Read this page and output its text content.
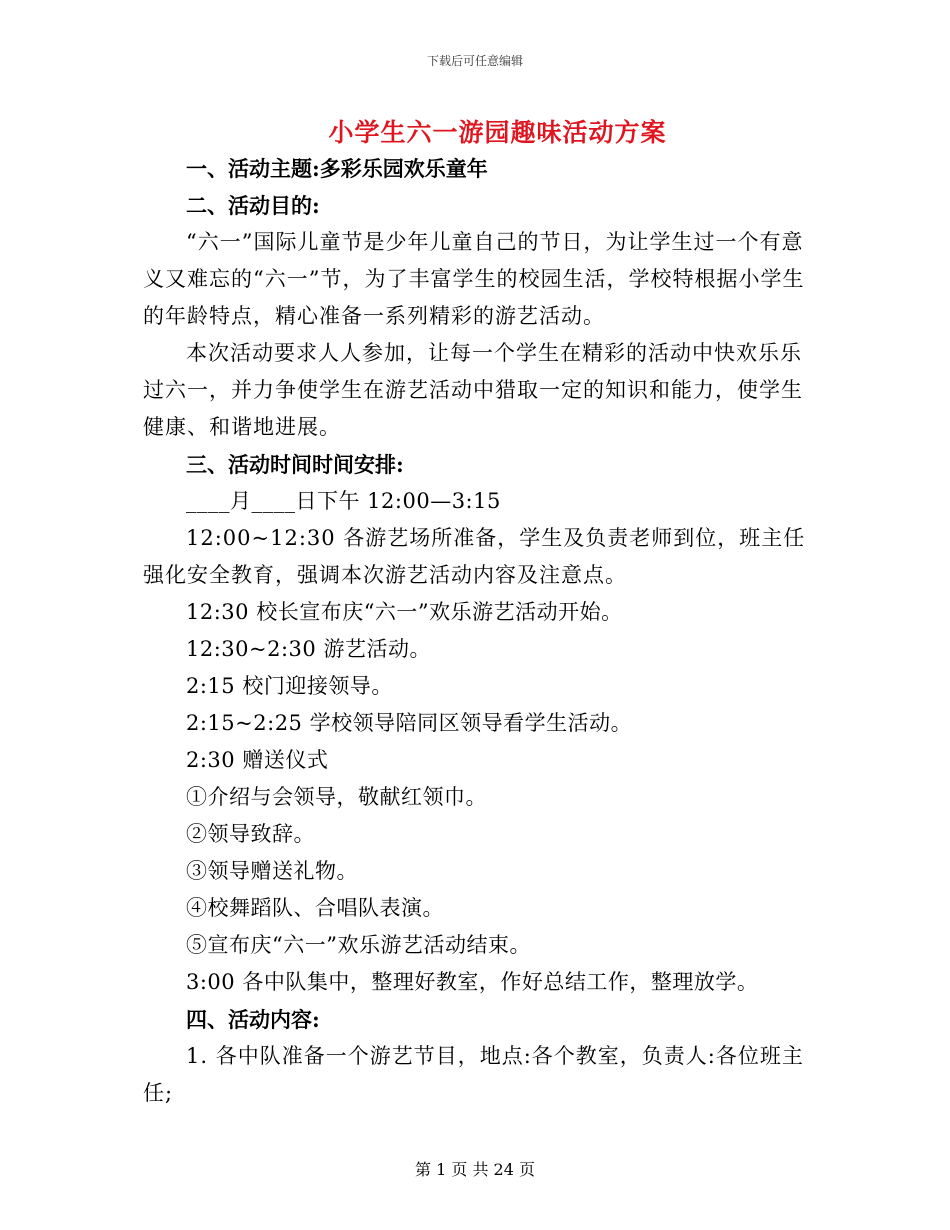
下载后可任意编辑
小学生六一游园趣味活动方案

一、活动主题:多彩乐园欢乐童年

二、活动目的:

“六一”国际儿童节是少年儿童自己的节日，为让学生过一个有意义又难忘的“六一”节，为了丰富学生的校园生活，学校特根据小学生的年龄特点，精心准备一系列精彩的游艺活动。

本次活动要求人人参加，让每一个学生在精彩的活动中快欢乐乐过六一，并力争使学生在游艺活动中猎取一定的知识和能力，使学生健康、和谐地进展。

三、活动时间时间安排:

____月____日下午 12:00—3:15

12:00~12:30 各游艺场所准备，学生及负责老师到位，班主任强化安全教育，强调本次游艺活动内容及注意点。

12:30 校长宣布庆“六一”欢乐游艺活动开始。

12:30~2:30 游艺活动。

2:15 校门迎接领导。

2:15~2:25 学校领导陪同区领导看学生活动。

2:30 赠送仪式

①介绍与会领导，敬献红领巾。

②领导致辞。

③领导赠送礼物。

④校舞蹈队、合唱队表演。

⑤宣布庆“六一”欢乐游艺活动结束。

3:00 各中队集中，整理好教室，作好总结工作，整理放学。

四、活动内容:

1. 各中队准备一个游艺节目，地点:各个教室，负责人:各位班主任;

第 1 页 共 24 页
